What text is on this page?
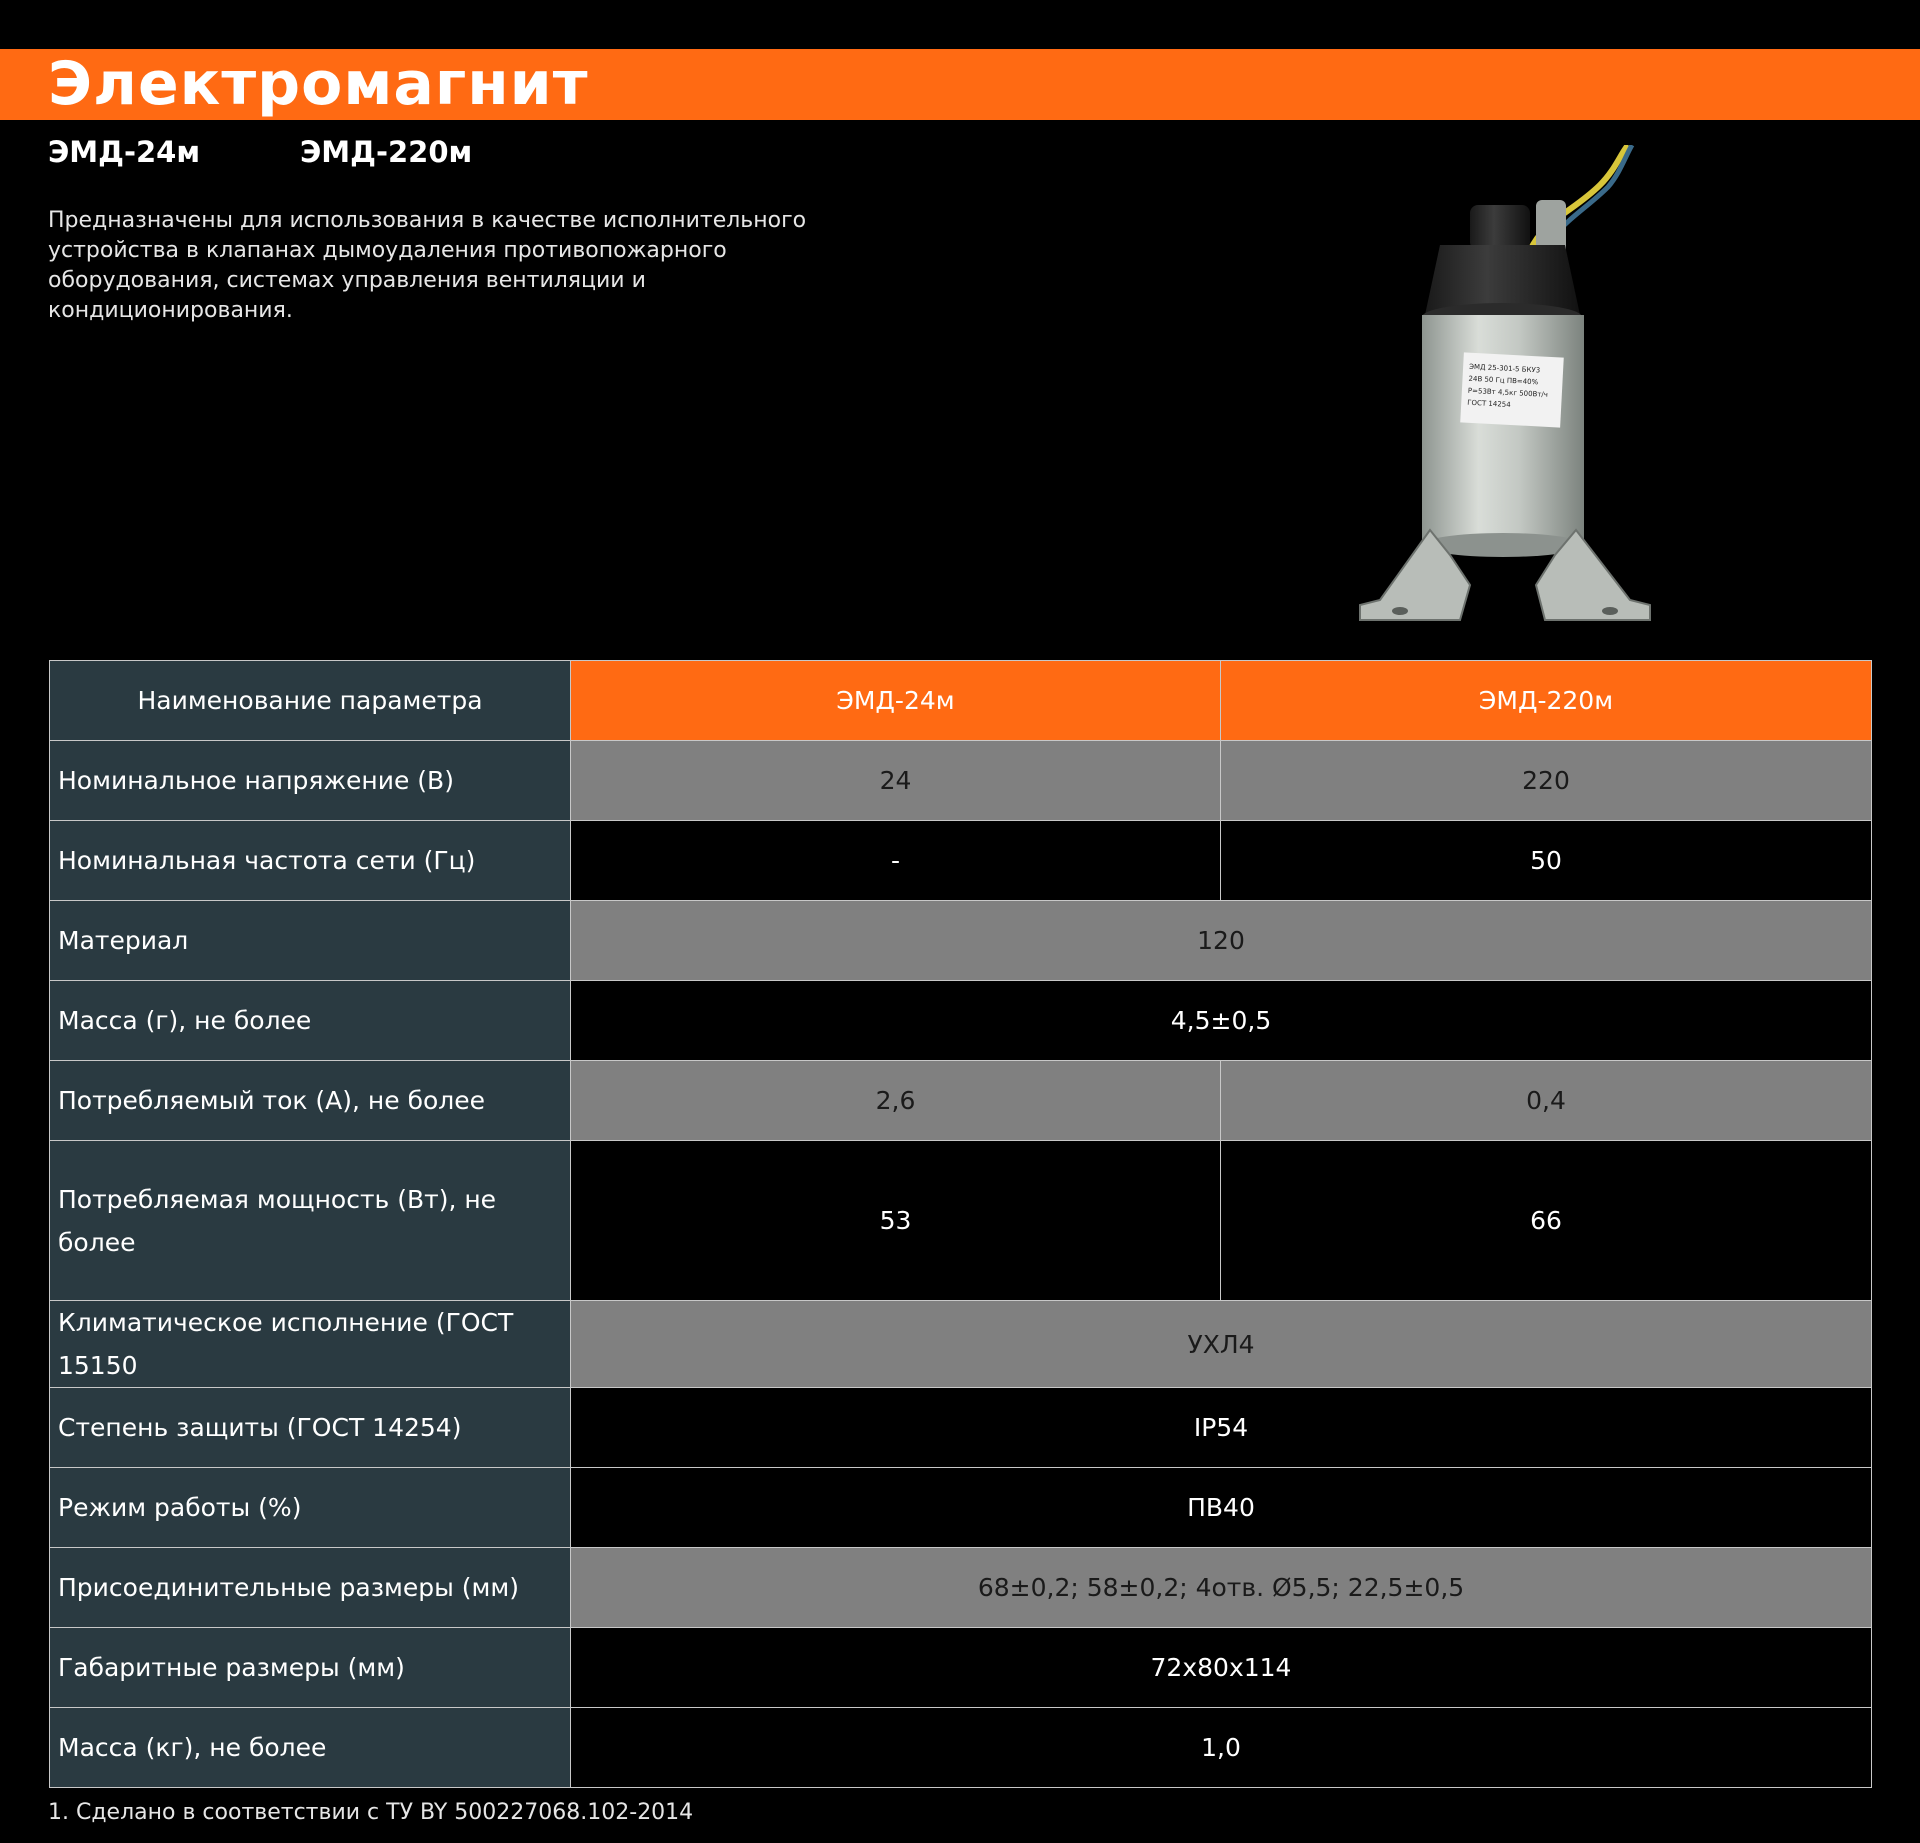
Электромагнит
ЭМД-24м	ЭМД-220м
Предназначены для использования в качестве исполнительного устройства в клапанах дымоудаления противопожарного оборудования, системах управления вентиляции и кондиционирования.
ЭМД 25-301-5 БКУ3
24В 50 Гц ПВ=40%
Р=53Вт 4,5кг 500Вт/ч
ГОСТ 14254
Наименование параметра	ЭМД-24м	ЭМД-220м
Номинальное напряжение (В)	24	220
Номинальная частота сети (Гц)	-	50
Материал	120	
Масса (г), не более	4,5±0,5	
Потребляемый ток (А), не более	2,6	0,4
Потребляемая мощность (Вт), не более	53	66
Климатическое исполнение (ГОСТ 15150	УХЛ4	
Степень защиты (ГОСТ 14254)	IP54	
Режим работы (%)	ПВ40	
Присоединительные размеры (мм)	68±0,2; 58±0,2; 4отв. Ø5,5; 22,5±0,5	
Габаритные размеры (мм)	72x80x114	
Масса (кг), не более	1,0	
1. Сделано в соответствии с ТУ BY 500227068.102-2014
